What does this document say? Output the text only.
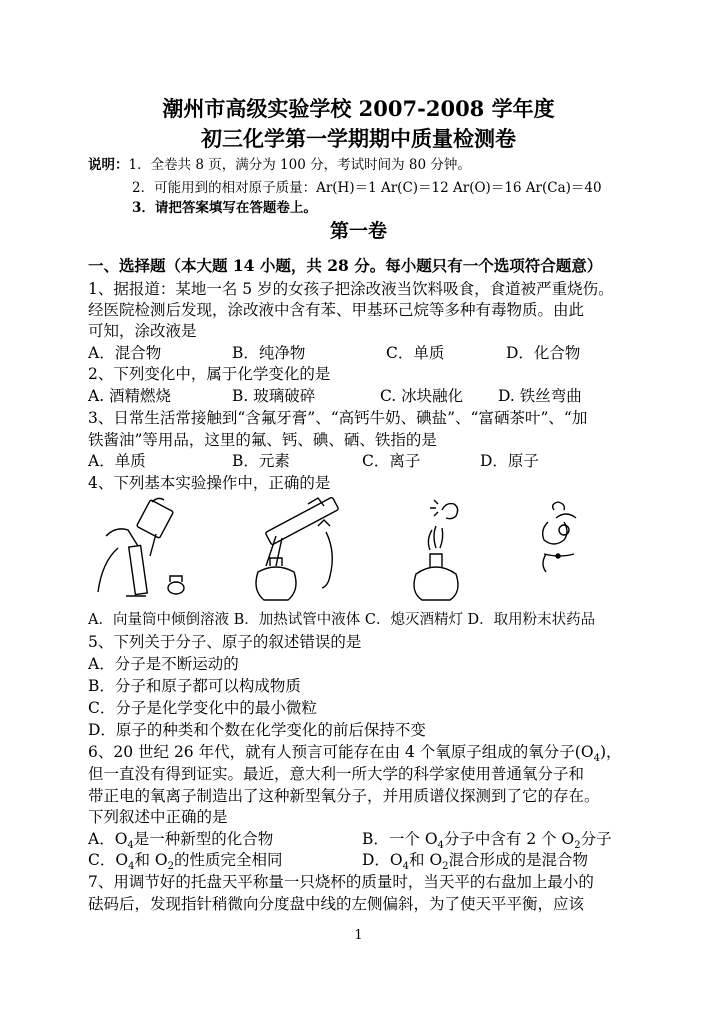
潮州市高级实验学校 2007-2008 学年度
初三化学第一学期期中质量检测卷
说明：1．全卷共 8 页，满分为 100 分，考试时间为 80 分钟。
2．可能用到的相对原子质量：Ar(H)＝1 Ar(C)＝12 Ar(O)＝16 Ar(Ca)＝40
3．请把答案填写在答题卷上。
第一卷
一、选择题（本大题 14 小题，共 28 分。每小题只有一个选项符合题意）
1、据报道：某地一名 5 岁的女孩子把涂改液当饮料吸食，食道被严重烧伤。
经医院检测后发现，涂改液中含有苯、甲基环己烷等多种有毒物质。由此
可知，涂改液是
A．混合物	B．纯净物	C．单质	D．化合物
2、下列变化中，属于化学变化的是
A. 酒精燃烧	B. 玻璃破碎	C. 冰块融化 D. 铁丝弯曲
3、日常生活常接触到“含氟牙膏”、“高钙牛奶、碘盐”、“富硒茶叶”、“加
铁酱油”等用品，这里的氟、钙、碘、硒、铁指的是
A．单质	B．元素	C．离子	D．原子
4、下列基本实验操作中，正确的是
A．向量筒中倾倒溶液 B．加热试管中液体 C．熄灭酒精灯 D．取用粉末状药品
5、下列关于分子、原子的叙述错误的是
A．分子是不断运动的
B．分子和原子都可以构成物质
C．分子是化学变化中的最小微粒
D．原子的种类和个数在化学变化的前后保持不变
6、20 世纪 26 年代，就有人预言可能存在由 4 个氧原子组成的氧分子$(O_4)$，
但一直没有得到证实。最近，意大利一所大学的科学家使用普通氧分子和
带正电的氧离子制造出了这种新型氧分子，并用质谱仪探测到了它的存在。
下列叙述中正确的是
A．$O_4$是一种新型的化合物	B．一个 $O_4$分子中含有 2 个 $O_2$分子
C．$O_4$和 $O_2$的性质完全相同	D．$O_4$和 $O_2$混合形成的是混合物
7、用调节好的托盘天平称量一只烧杯的质量时，当天平的右盘加上最小的
砝码后，发现指针稍微向分度盘中线的左侧偏斜，为了使天平平衡，应该
1
